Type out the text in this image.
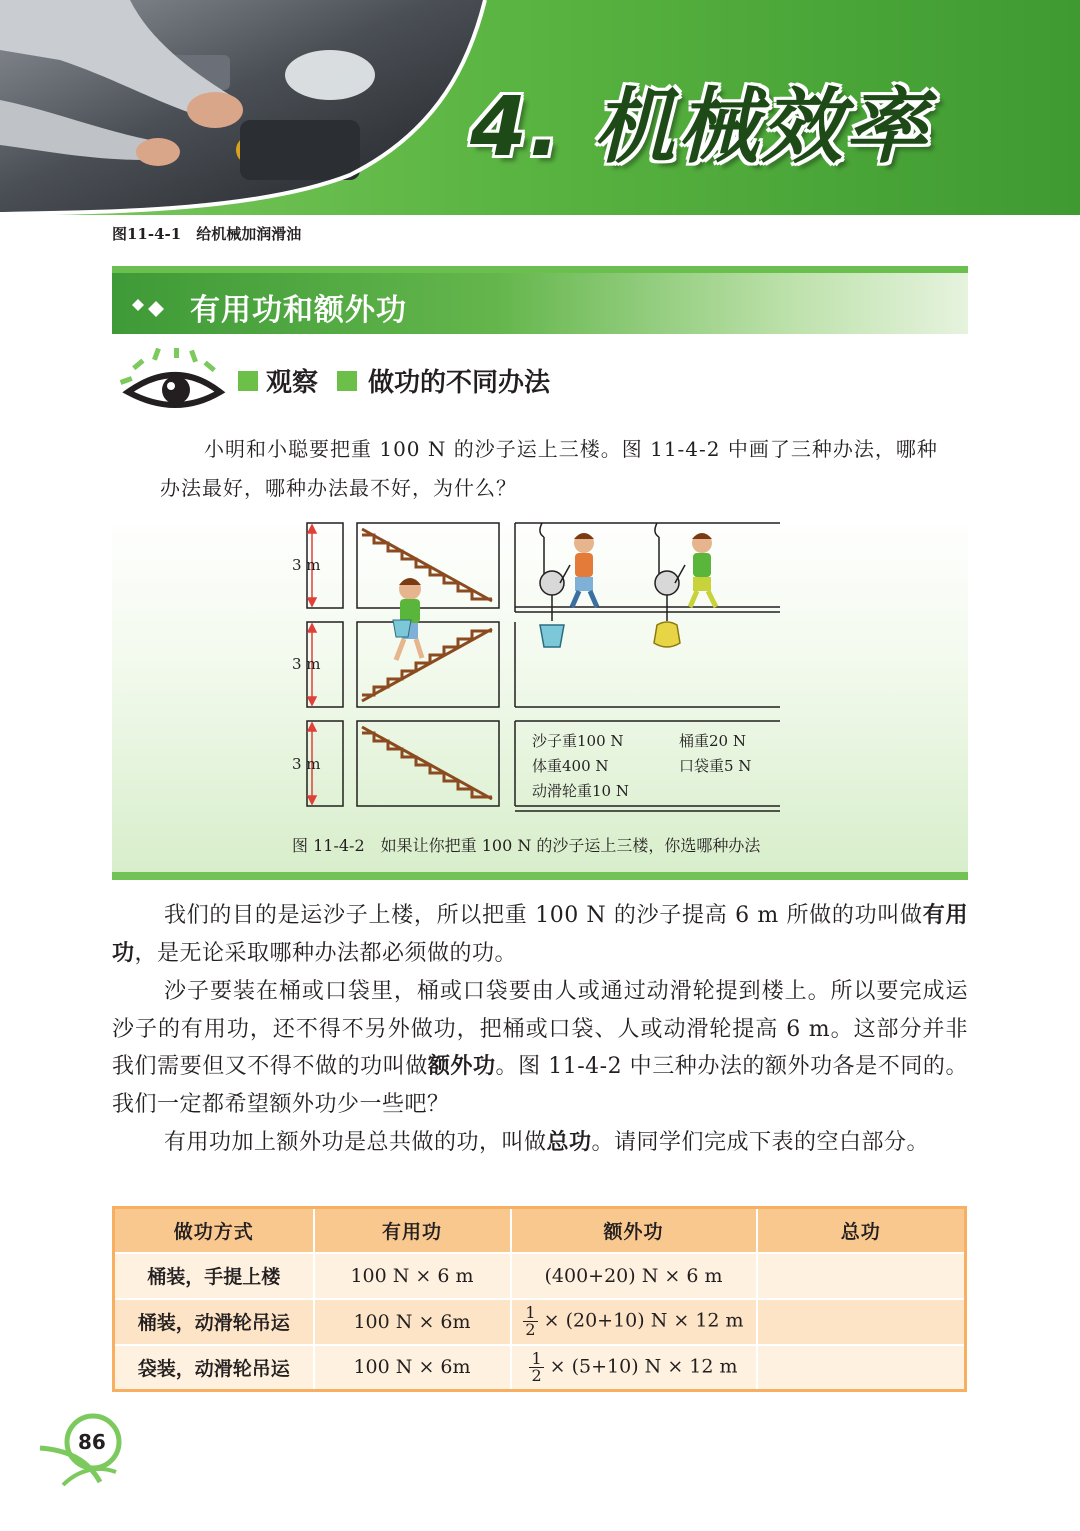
4. 机械效率
图11-4-1　给机械加润滑油
有用功和额外功
观察 做功的不同办法
小明和小聪要把重 100 N 的沙子运上三楼。图 11-4-2 中画了三种办法，哪种办法最好，哪种办法最不好，为什么？
3 m
3 m
3 m
沙子重100 N	桶重20 N
体重400 N	口袋重5 N
动滑轮重10 N
图 11-4-2　如果让你把重 100 N 的沙子运上三楼，你选哪种办法
我们的目的是运沙子上楼，所以把重 100 N 的沙子提高 6 m 所做的功叫做有用功，是无论采取哪种办法都必须做的功。
沙子要装在桶或口袋里，桶或口袋要由人或通过动滑轮提到楼上。所以要完成运沙子的有用功，还不得不另外做功，把桶或口袋、人或动滑轮提高 6 m。这部分并非我们需要但又不得不做的功叫做额外功。图 11-4-2 中三种办法的额外功各是不同的。我们一定都希望额外功少一些吧？
有用功加上额外功是总共做的功，叫做总功。请同学们完成下表的空白部分。
做功方式	有用功	额外功	总功
桶装，手提上楼	100 N × 6 m	(400+20) N × 6 m	
桶装，动滑轮吊运	100 N × 6m	$\frac{1}{2} \times (20+10) N \times 12$ m	
袋装，动滑轮吊运	100 N × 6m	$\frac{1}{2} \times (5+10) N \times 12$ m	
86
